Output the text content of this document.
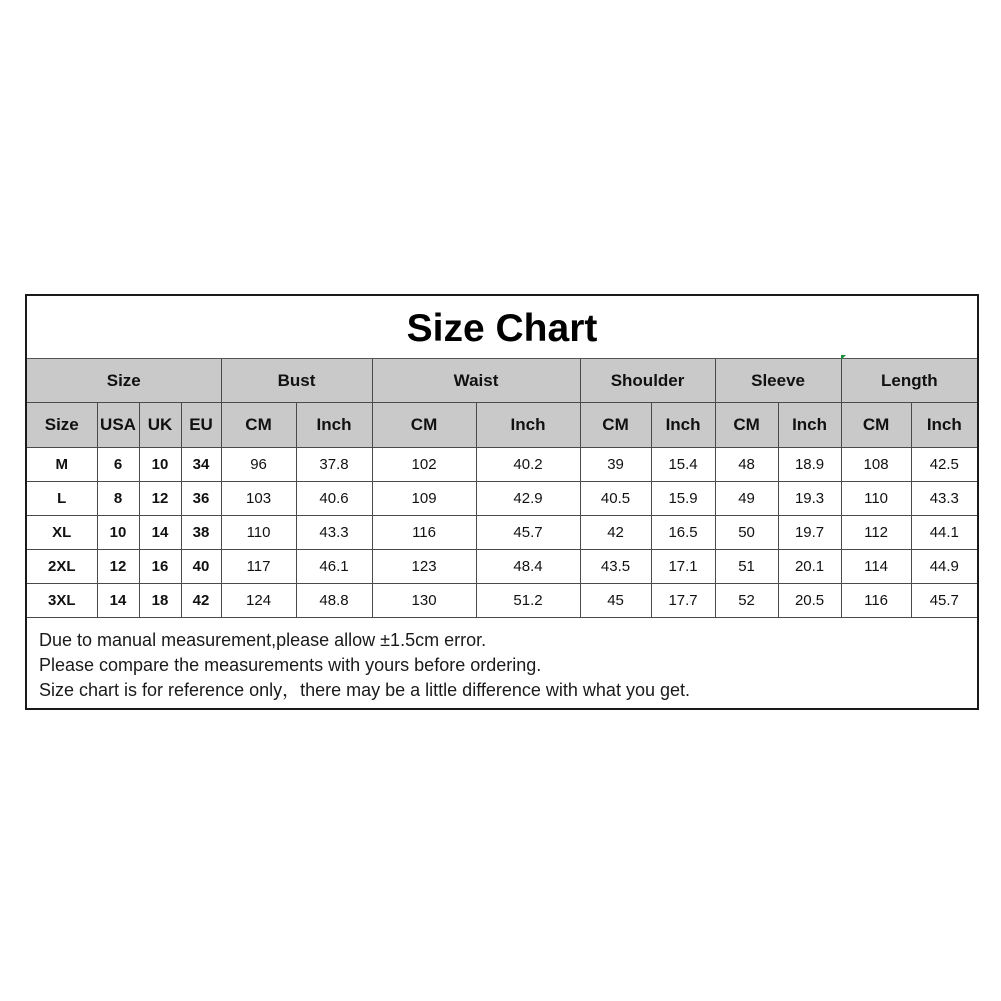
Size Chart
Size				Bust		Waist		Shoulder		Sleeve		Length	
Size	USA	UK	EU	CM	Inch	CM	Inch	CM	Inch	CM	Inch	CM	Inch
M	6	10	34	96	37.8	102	40.2	39	15.4	48	18.9	108	42.5
L	8	12	36	103	40.6	109	42.9	40.5	15.9	49	19.3	110	43.3
XL	10	14	38	110	43.3	116	45.7	42	16.5	50	19.7	112	44.1
2XL	12	16	40	117	46.1	123	48.4	43.5	17.1	51	20.1	114	44.9
3XL	14	18	42	124	48.8	130	51.2	45	17.7	52	20.5	116	45.7
Due to manual measurement,please allow ±1.5cm error.
Please compare the measurements with yours before ordering.
Size chart is for reference only，there may be a little difference with what you get.
